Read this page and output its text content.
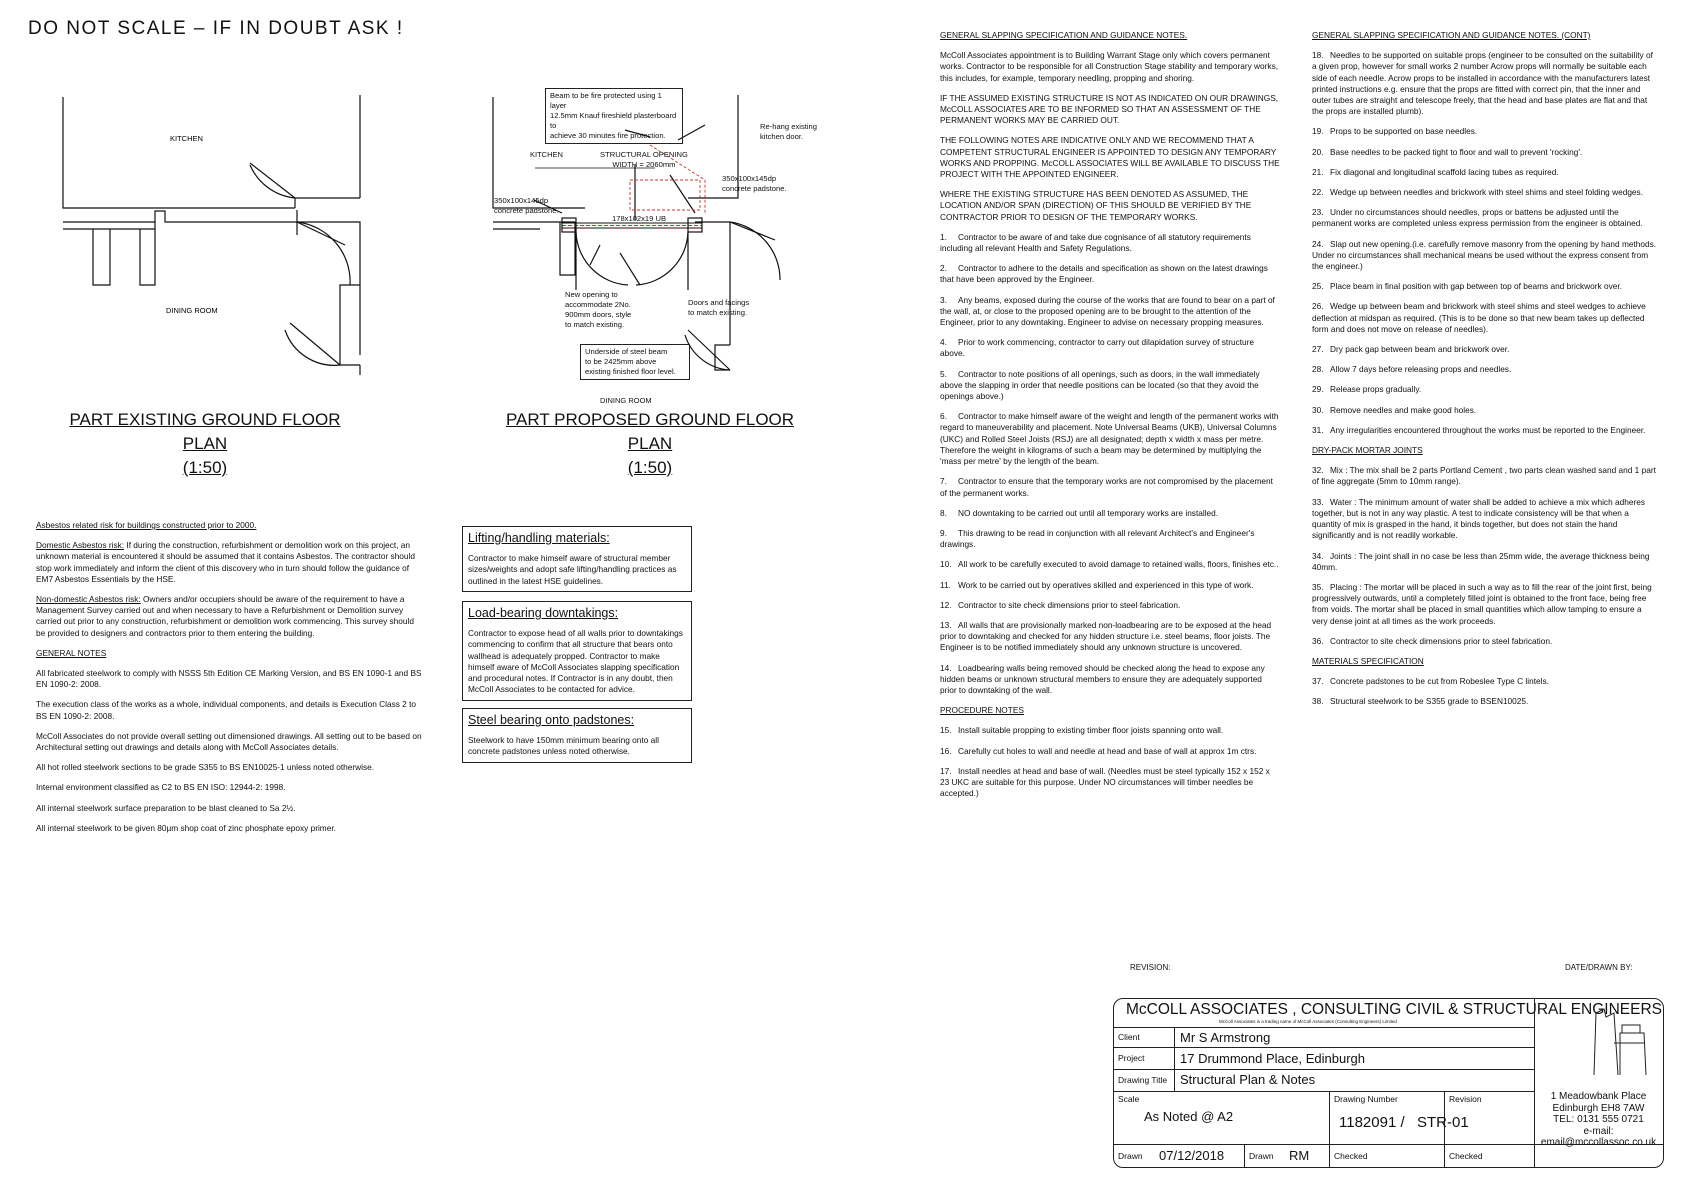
DO NOT SCALE – IF IN DOUBT ASK !
KITCHEN
DINING ROOM
PART EXISTING GROUND FLOOR PLAN
(1:50)
Beam to be fire protected using 1 layer
12.5mm Knauf fireshield plasterboard to
achieve 30 minutes fire protection.
Re-hang existing
kitchen door.
KITCHEN	STRUCTURAL OPENING
WIDTH = 2060mm
350x100x145dp
concrete padstone.
350x100x145dp
concrete padstone.
178x102x19 UB
New opening to
accommodate 2No.
900mm doors, style
to match existing.
Doors and facings
to match existing.
Underside of steel beam
to be 2425mm above
existing finished floor level.
DINING ROOM
PART PROPOSED GROUND FLOOR PLAN
(1:50)

Asbestos related risk for buildings constructed prior to 2000.

Domestic Asbestos risk: If during the construction, refurbishment or demolition work on this project, an unknown material is encountered it should be assumed that it contains Asbestos. The contractor should stop work immediately and inform the client of this discovery who in turn should follow the guidance of EM7 Asbestos Essentials by the HSE.

Non-domestic Asbestos risk: Owners and/or occupiers should be aware of the requirement to have a Management Survey carried out and when necessary to have a Refurbishment or Demolition survey carried out prior to any construction, refurbishment or demolition work commencing. This survey should be provided to designers and contractors prior to them entering the building.

GENERAL NOTES

All fabricated steelwork to comply with NSSS 5th Edition CE Marking Version, and BS EN 1090-1 and BS EN 1090-2: 2008.

The execution class of the works as a whole, individual components, and details is Execution Class 2 to BS EN 1090-2: 2008.

McColl Associates do not provide overall setting out dimensioned drawings. All setting out to be based on Architectural setting out drawings and details along with McColl Associates details.

All hot rolled steelwork sections to be grade S355 to BS EN10025-1 unless noted otherwise.

Internal environment classified as C2 to BS EN ISO: 12944-2: 1998.

All internal steelwork surface preparation to be blast cleaned to Sa 2½.

All internal steelwork to be given 80μm shop coat of zinc phosphate epoxy primer.

Lifting/handling materials:
Contractor to make himself aware of structural member sizes/weights and adopt safe lifting/handling practices as outlined in the latest HSE guidelines.
Load-bearing downtakings:
Contractor to expose head of all walls prior to downtakings commencing to confirm that all structure that bears onto wallhead is adequately propped. Contractor to make himself aware of McColl Associates slapping specification and procedural notes. If Contractor is in any doubt, then McColl Associates to be contacted for advice.
Steel bearing onto padstones:
Steelwork to have 150mm minimum bearing onto all concrete padstones unless noted otherwise.

GENERAL SLAPPING SPECIFICATION AND GUIDANCE NOTES.

McColl Associates appointment is to Building Warrant Stage only which covers permanent works. Contractor to be responsible for all Construction Stage stability and temporary works, this includes, for example, temporary needling, propping and shoring.

IF THE ASSUMED EXISTING STRUCTURE IS NOT AS INDICATED ON OUR DRAWINGS, McCOLL ASSOCIATES ARE TO BE INFORMED SO THAT AN ASSESSMENT OF THE PERMANENT WORKS MAY BE CARRIED OUT.

THE FOLLOWING NOTES ARE INDICATIVE ONLY AND WE RECOMMEND THAT A COMPETENT STRUCTURAL ENGINEER IS APPOINTED TO DESIGN ANY TEMPORARY WORKS AND PROPPING. McCOLL ASSOCIATES WILL BE AVAILABLE TO DISCUSS THE PROJECT WITH THE APPOINTED ENGINEER.

WHERE THE EXISTING STRUCTURE HAS BEEN DENOTED AS ASSUMED, THE LOCATION AND/OR SPAN (DIRECTION) OF THIS SHOULD BE VERIFIED BY THE CONTRACTOR PRIOR TO DESIGN OF THE TEMPORARY WORKS.

1. Contractor to be aware of and take due cognisance of all statutory requirements including all relevant Health and Safety Regulations.

2. Contractor to adhere to the details and specification as shown on the latest drawings that have been approved by the Engineer.

3. Any beams, exposed during the course of the works that are found to bear on a part of the wall, at, or close to the proposed opening are to be brought to the attention of the Engineer, prior to any downtaking. Engineer to advise on necessary propping measures.

4. Prior to work commencing, contractor to carry out dilapidation survey of structure above.

5. Contractor to note positions of all openings, such as doors, in the wall immediately above the slapping in order that needle positions can be located (so that they avoid the openings above.)

6. Contractor to make himself aware of the weight and length of the permanent works with regard to maneuverability and placement. Note Universal Beams (UKB), Universal Columns (UKC) and Rolled Steel Joists (RSJ) are all designated; depth x width x mass per metre. Therefore the weight in kilograms of such a beam may be determined by multiplying the 'mass per metre' by the length of the beam.

7. Contractor to ensure that the temporary works are not compromised by the placement of the permanent works.

8. NO downtaking to be carried out until all temporary works are installed.

9. This drawing to be read in conjunction with all relevant Architect's and Engineer's drawings.

10. All work to be carefully executed to avoid damage to retained walls, floors, finishes etc..

11. Work to be carried out by operatives skilled and experienced in this type of work.

12. Contractor to site check dimensions prior to steel fabrication.

13. All walls that are provisionally marked non-loadbearing are to be exposed at the head prior to downtaking and checked for any hidden structure i.e. steel beams, floor joists. The Engineer is to be notified immediately should any unknown structure is uncovered.

14. Loadbearing walls being removed should be checked along the head to expose any hidden beams or unknown structural members to ensure they are adequately supported prior to downtaking of the wall.

PROCEDURE NOTES

15. Install suitable propping to existing timber floor joists spanning onto wall.

16. Carefully cut holes to wall and needle at head and base of wall at approx 1m ctrs.

17. Install needles at head and base of wall. (Needles must be steel typically 152 x 152 x 23 UKC are suitable for this purpose. Under NO circumstances will timber needles be accepted.)

GENERAL SLAPPING SPECIFICATION AND GUIDANCE NOTES. (CONT)

18. Needles to be supported on suitable props (engineer to be consulted on the suitability of a given prop, however for small works 2 number Acrow props will normally be suitable each side of each needle. Acrow props to be installed in accordance with the manufacturers latest printed instructions e.g. ensure that the props are fitted with correct pin, that the inner and outer tubes are straight and telescope freely, that the head and base plates are flat and that the props are installed plumb).

19. Props to be supported on base needles.

20. Base needles to be packed tight to floor and wall to prevent 'rocking'.

21. Fix diagonal and longitudinal scaffold lacing tubes as required.

22. Wedge up between needles and brickwork with steel shims and steel folding wedges.

23. Under no circumstances should needles, props or battens be adjusted until the permanent works are completed unless express permission from the engineer is obtained.

24. Slap out new opening.(i.e. carefully remove masonry from the opening by hand methods. Under no circumstances shall mechanical means be used without the express consent from the engineer.)

25. Place beam in final position with gap between top of beams and brickwork over.

26. Wedge up between beam and brickwork with steel shims and steel wedges to achieve deflection at midspan as required. (This is to be done so that new beam takes up deflected form and does not move on release of needles).

27. Dry pack gap between beam and brickwork over.

28. Allow 7 days before releasing props and needles.

29. Release props gradually.

30. Remove needles and make good holes.

31. Any irregularities encountered throughout the works must be reported to the Engineer.

DRY-PACK MORTAR JOINTS

32. Mix : The mix shall be 2 parts Portland Cement , two parts clean washed sand and 1 part of fine aggregate (5mm to 10mm range).

33. Water : The minimum amount of water shall be added to achieve a mix which adheres together, but is not in any way plastic. A test to indicate consistency will be that when a quantity of mix is grasped in the hand, it binds together, but does not stain the hand significantly and is not readily workable.

34. Joints : The joint shall in no case be less than 25mm wide, the average thickness being 40mm.

35. Placing : The mortar will be placed in such a way as to fill the rear of the joint first, being progressively outwards, until a completely filled joint is obtained to the front face, being free from voids. The mortar shall be placed in small quantities which allow tamping to ensure a very dense joint at all times as the work proceeds.

36. Contractor to site check dimensions prior to steel fabrication.

MATERIALS SPECIFICATION

37. Concrete padstones to be cut from Robeslee Type C lintels.

38. Structural steelwork to be S355 grade to BSEN10025.

REVISION:	DATE/DRAWN BY:
McCOLL ASSOCIATES , CONSULTING CIVIL & STRUCTURAL ENGINEERS
McColl Associates is a trading name of McColl Associates (Consulting Engineers) Limited
Client	Mr S Armstrong
Project	17 Drummond Place, Edinburgh
Drawing Title Structural Plan & Notes
Scale
As Noted @ A2
Drawing Number
1182091 /
Revision
STR-01
Drawn 07/12/2018	Drawn RM	Checked	Checked
1 Meadowbank Place
Edinburgh EH8 7AW
TEL: 0131 555 0721
e-mail:
email@mccollassoc.co.uk
